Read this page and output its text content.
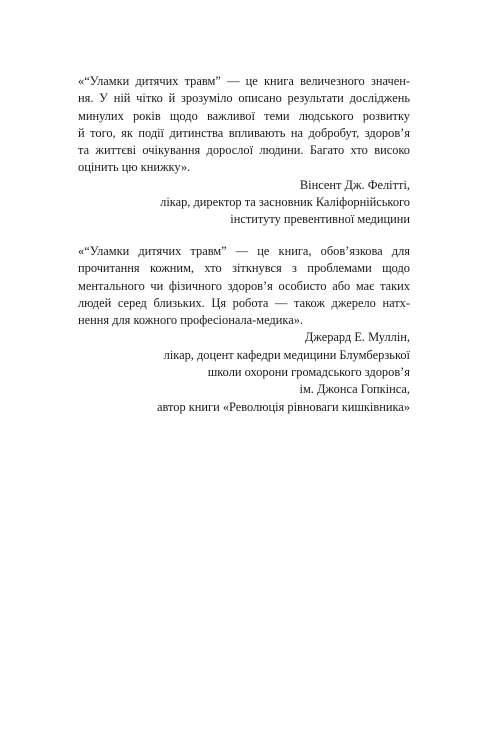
«“Уламки дитячих травм” — це книга величезного значен-
ня. У ній чітко й зрозуміло описано результати досліджень
минулих років щодо важливої теми людського розвитку
й того, як події дитинства впливають на добробут, здоров’я
та життєві очікування дорослої людини. Багато хто високо
оцінить цю книжку».

Вінсент Дж. Фелітті,
лікар, директор та засновник Каліфорнійського
інституту превентивної медицини

«“Уламки дитячих травм” — це книга, обов’язкова для
прочитання кожним, хто зіткнувся з проблемами щодо
ментального чи фізичного здоров’я особисто або має таких
людей серед близьких. Ця робота — також джерело натх-
нення для кожного професіонала-медика».

Джерард Е. Муллін,
лікар, доцент кафедри медицини Блумберзької
школи охорони громадського здоров’я
ім. Джонса Гопкінса,
автор книги «Революція рівноваги кишківника»
